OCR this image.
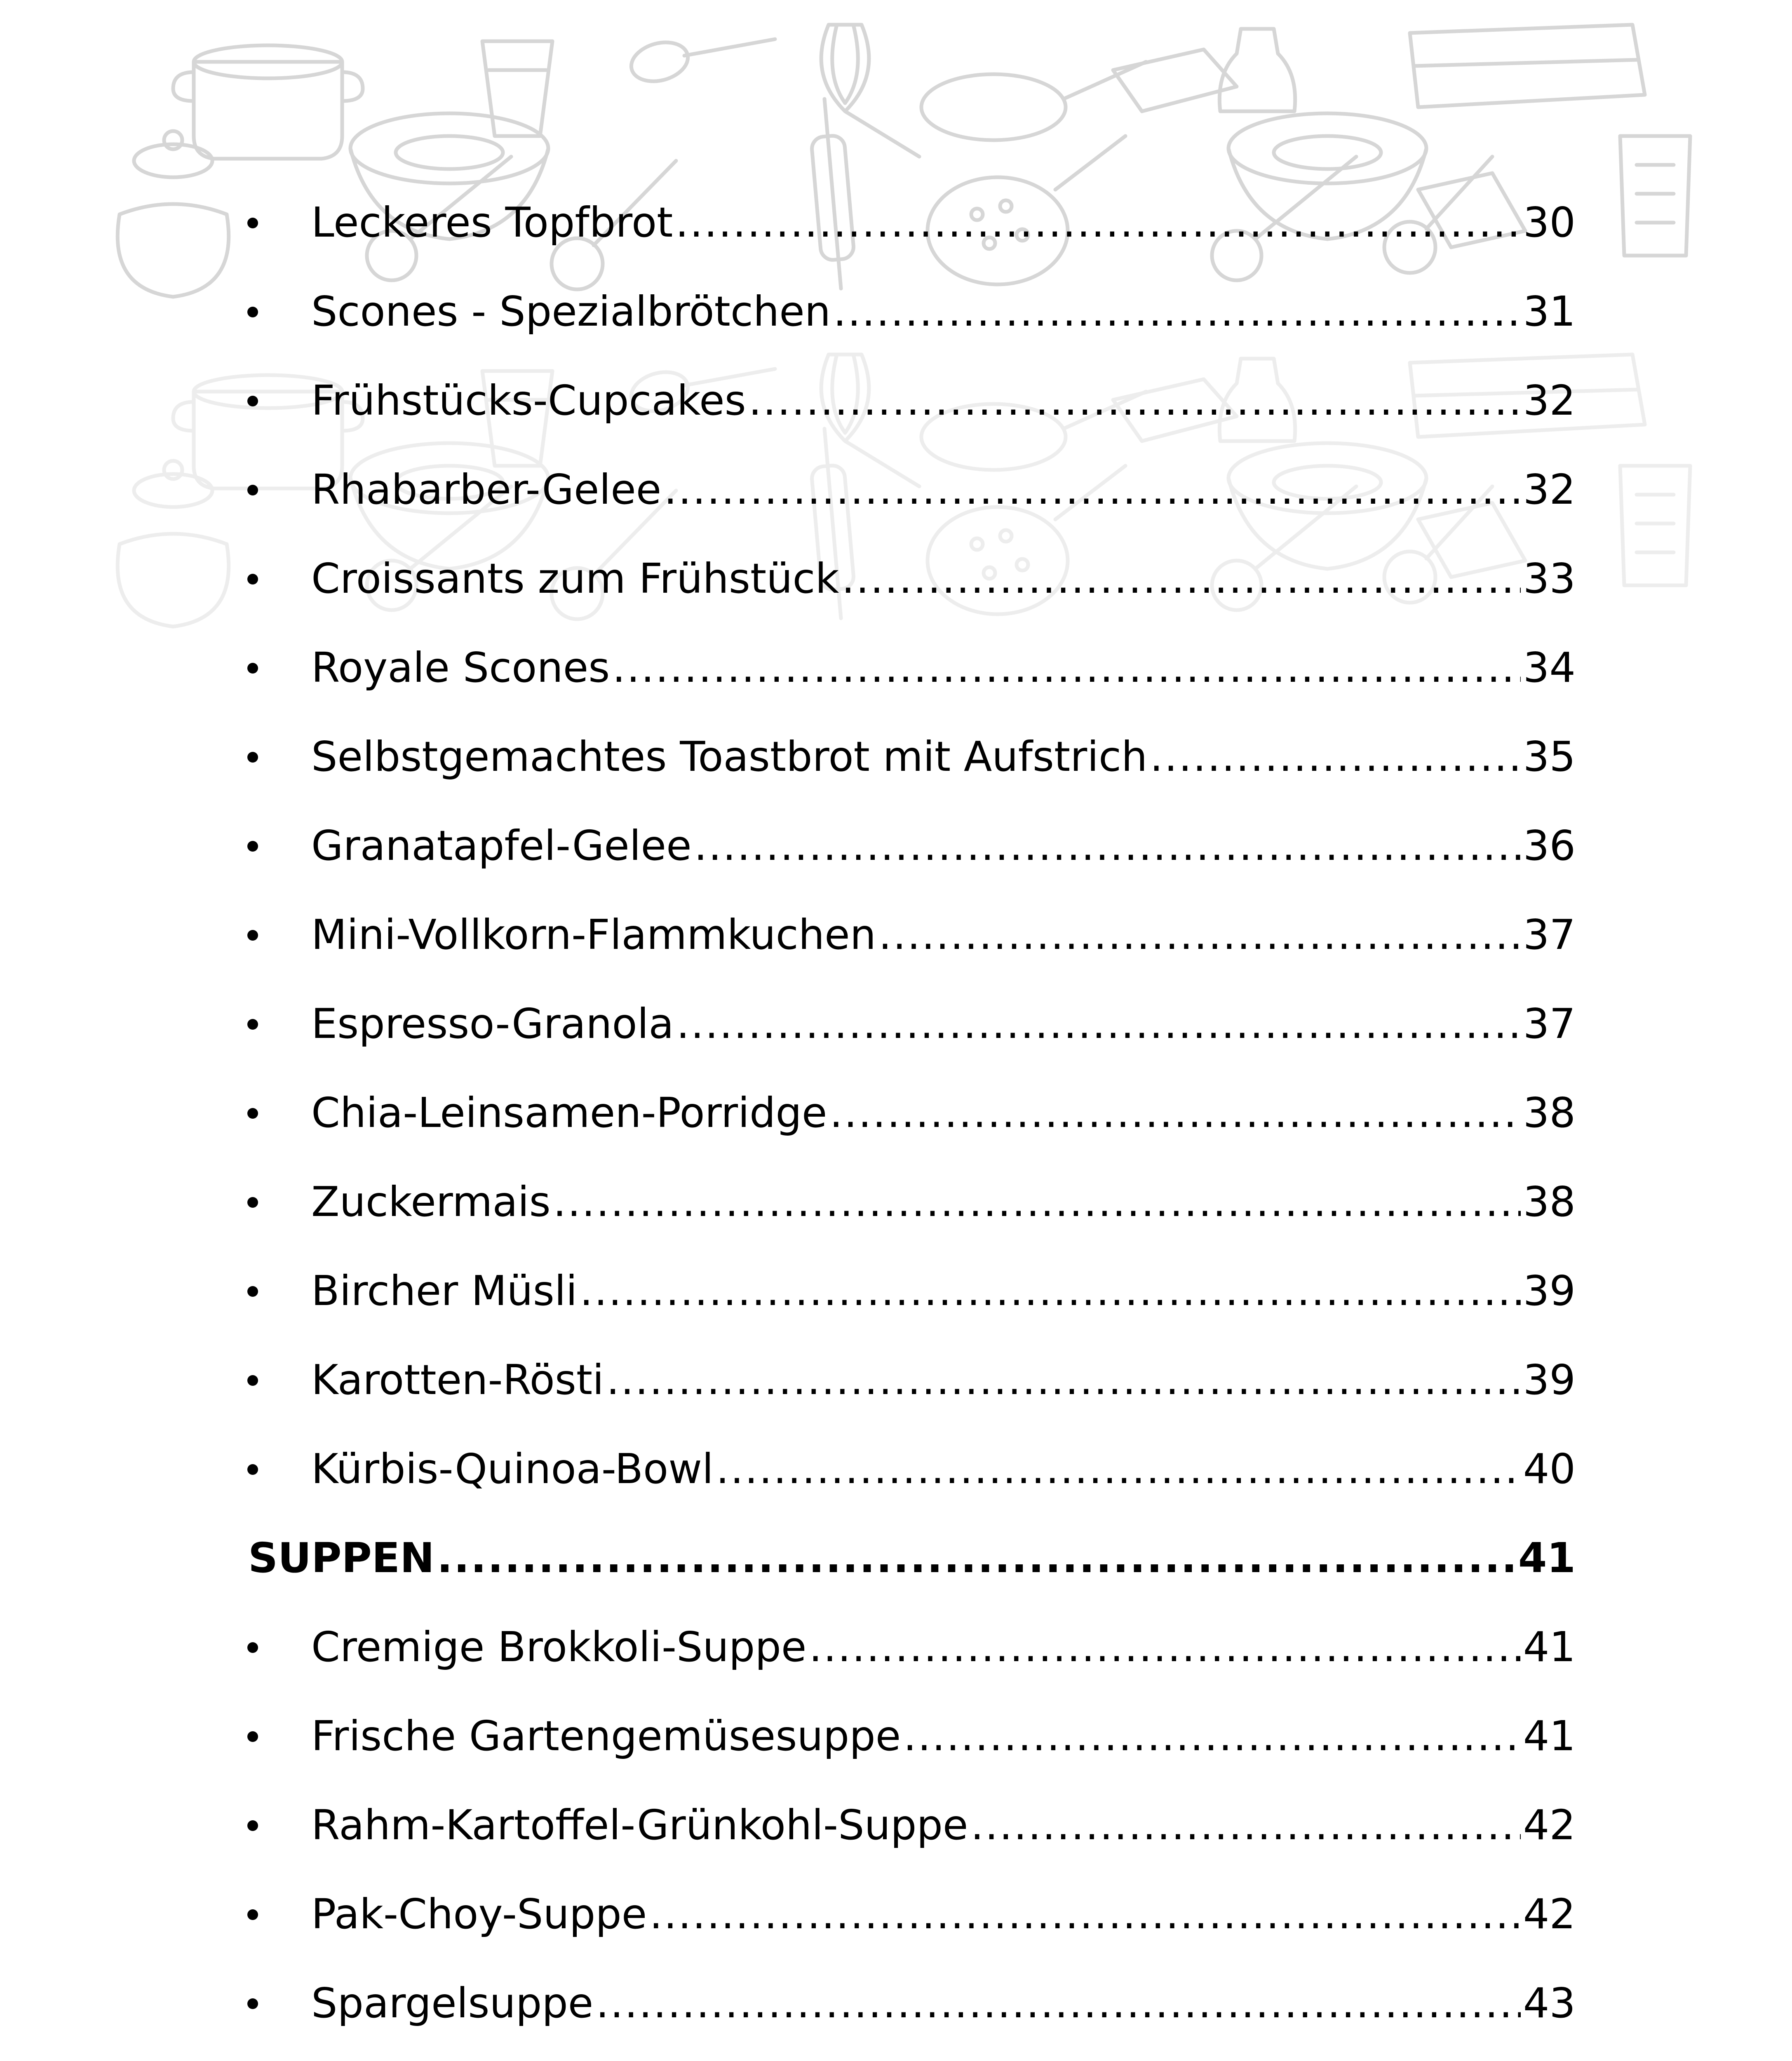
Leckeres Topfbrot .....	30
Scones - Spezialbrötchen .....	31
Frühstücks-Cupcakes .....	32
Rhabarber-Gelee .....	32
Croissants zum Frühstück .....	33
Royale Scones .....	34
Selbstgemachtes Toastbrot mit Aufstrich .....	35
Granatapfel-Gelee .....	36
Mini-Vollkorn-Flammkuchen .....	37
Espresso-Granola .....	37
Chia-Leinsamen-Porridge .....	38
Zuckermais .....	38
Bircher Müsli .....	39
Karotten-Rösti .....	39
Kürbis-Quinoa-Bowl .....	40
SUPPEN .....	41
Cremige Brokkoli-Suppe .....	41
Frische Gartengemüsesuppe .....	41
Rahm-Kartoffel-Grünkohl-Suppe .....	42
Pak-Choy-Suppe .....	42
Spargelsuppe .....	43
